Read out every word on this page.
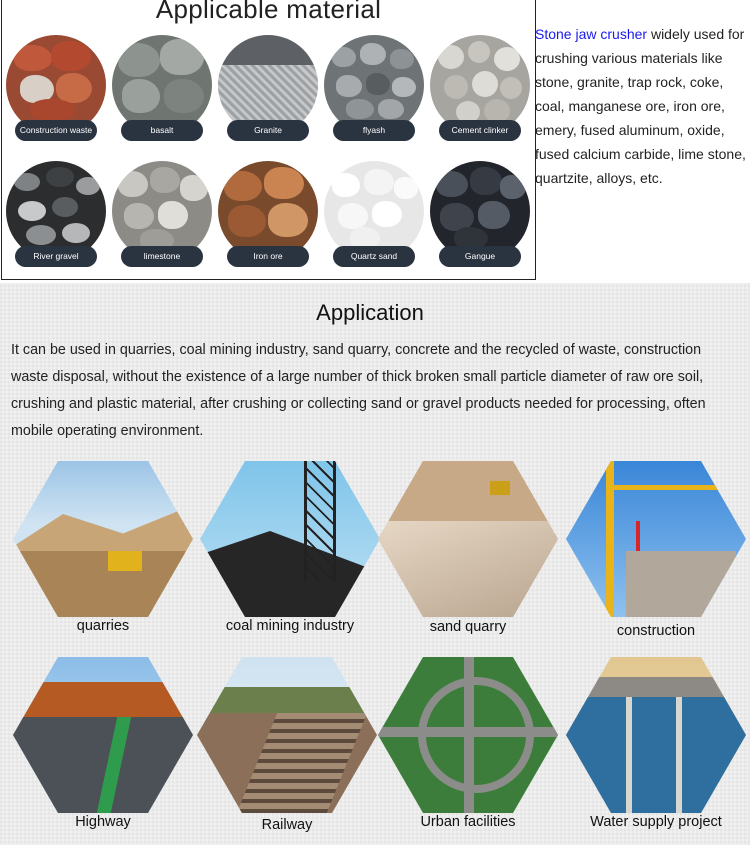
Applicable material
Construction waste	basalt	Granite	flyash	Cement clinker
River gravel	limestone	Iron ore	Quartz sand	Gangue
Stone jaw crusher widely used for crushing various materials like stone, granite, trap rock, coke, coal, manganese ore, iron ore, emery, fused aluminum, oxide, fused calcium carbide, lime stone, quartzite, alloys, etc.
Application
It can be used in quarries, coal mining industry, sand quarry, concrete and the recycled of waste, construction waste disposal, without the existence of a large number of thick broken small particle diameter of raw ore soil, crushing and plastic material, after crushing or collecting sand or gravel products needed for processing, often mobile operating environment.
quarries	coal mining industry	sand quarry	construction
Highway	Railway	Urban facilities	Water supply project
